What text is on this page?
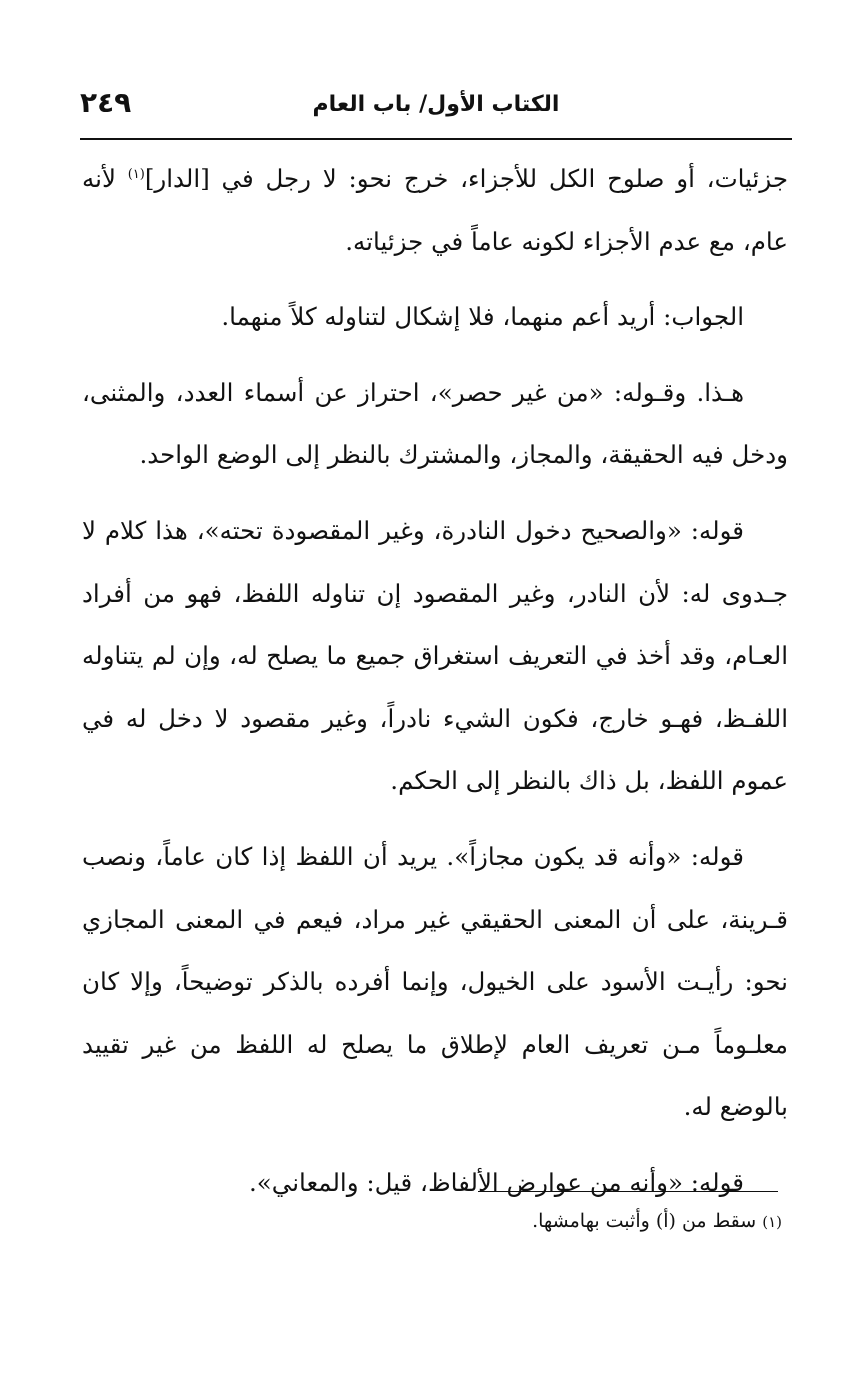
الكتاب الأول/ باب العام
٢٤٩

جزئيات، أو صلوح الكل للأجزاء، خرج نحو: لا رجل في [الدار]$^{(١)}$ لأنه عام، مع عدم الأجزاء لكونه عاماً في جزئياته.

الجواب: أريد أعم منهما، فلا إشكال لتناوله كلاً منهما.

هـذا. وقـوله: «من غير حصر»، احتراز عن أسماء العدد، والمثنى، ودخل فيه الحقيقة، والمجاز، والمشترك بالنظر إلى الوضع الواحد.

قوله: «والصحيح دخول النادرة، وغير المقصودة تحته»، هذا كلام لا جـدوى له: لأن النادر، وغير المقصود إن تناوله اللفظ، فهو من أفراد العـام، وقد أخذ في التعريف استغراق جميع ما يصلح له، وإن لم يتناوله اللفـظ، فهـو خارج، فكون الشيء نادراً، وغير مقصود لا دخل له في عموم اللفظ، بل ذاك بالنظر إلى الحكم.

قوله: «وأنه قد يكون مجازاً». يريد أن اللفظ إذا كان عاماً، ونصب قـرينة، على أن المعنى الحقيقي غير مراد، فيعم في المعنى المجازي نحو: رأيـت الأسود على الخيول، وإنما أفرده بالذكر توضيحاً، وإلا كان معلـوماً مـن تعريف العام لإطلاق ما يصلح له اللفظ من غير تقييد بالوضع له.

قوله: «وأنه من عوارض الألفاظ، قيل: والمعاني».

(١)سقط من (أ) وأثبت بهامشها.
